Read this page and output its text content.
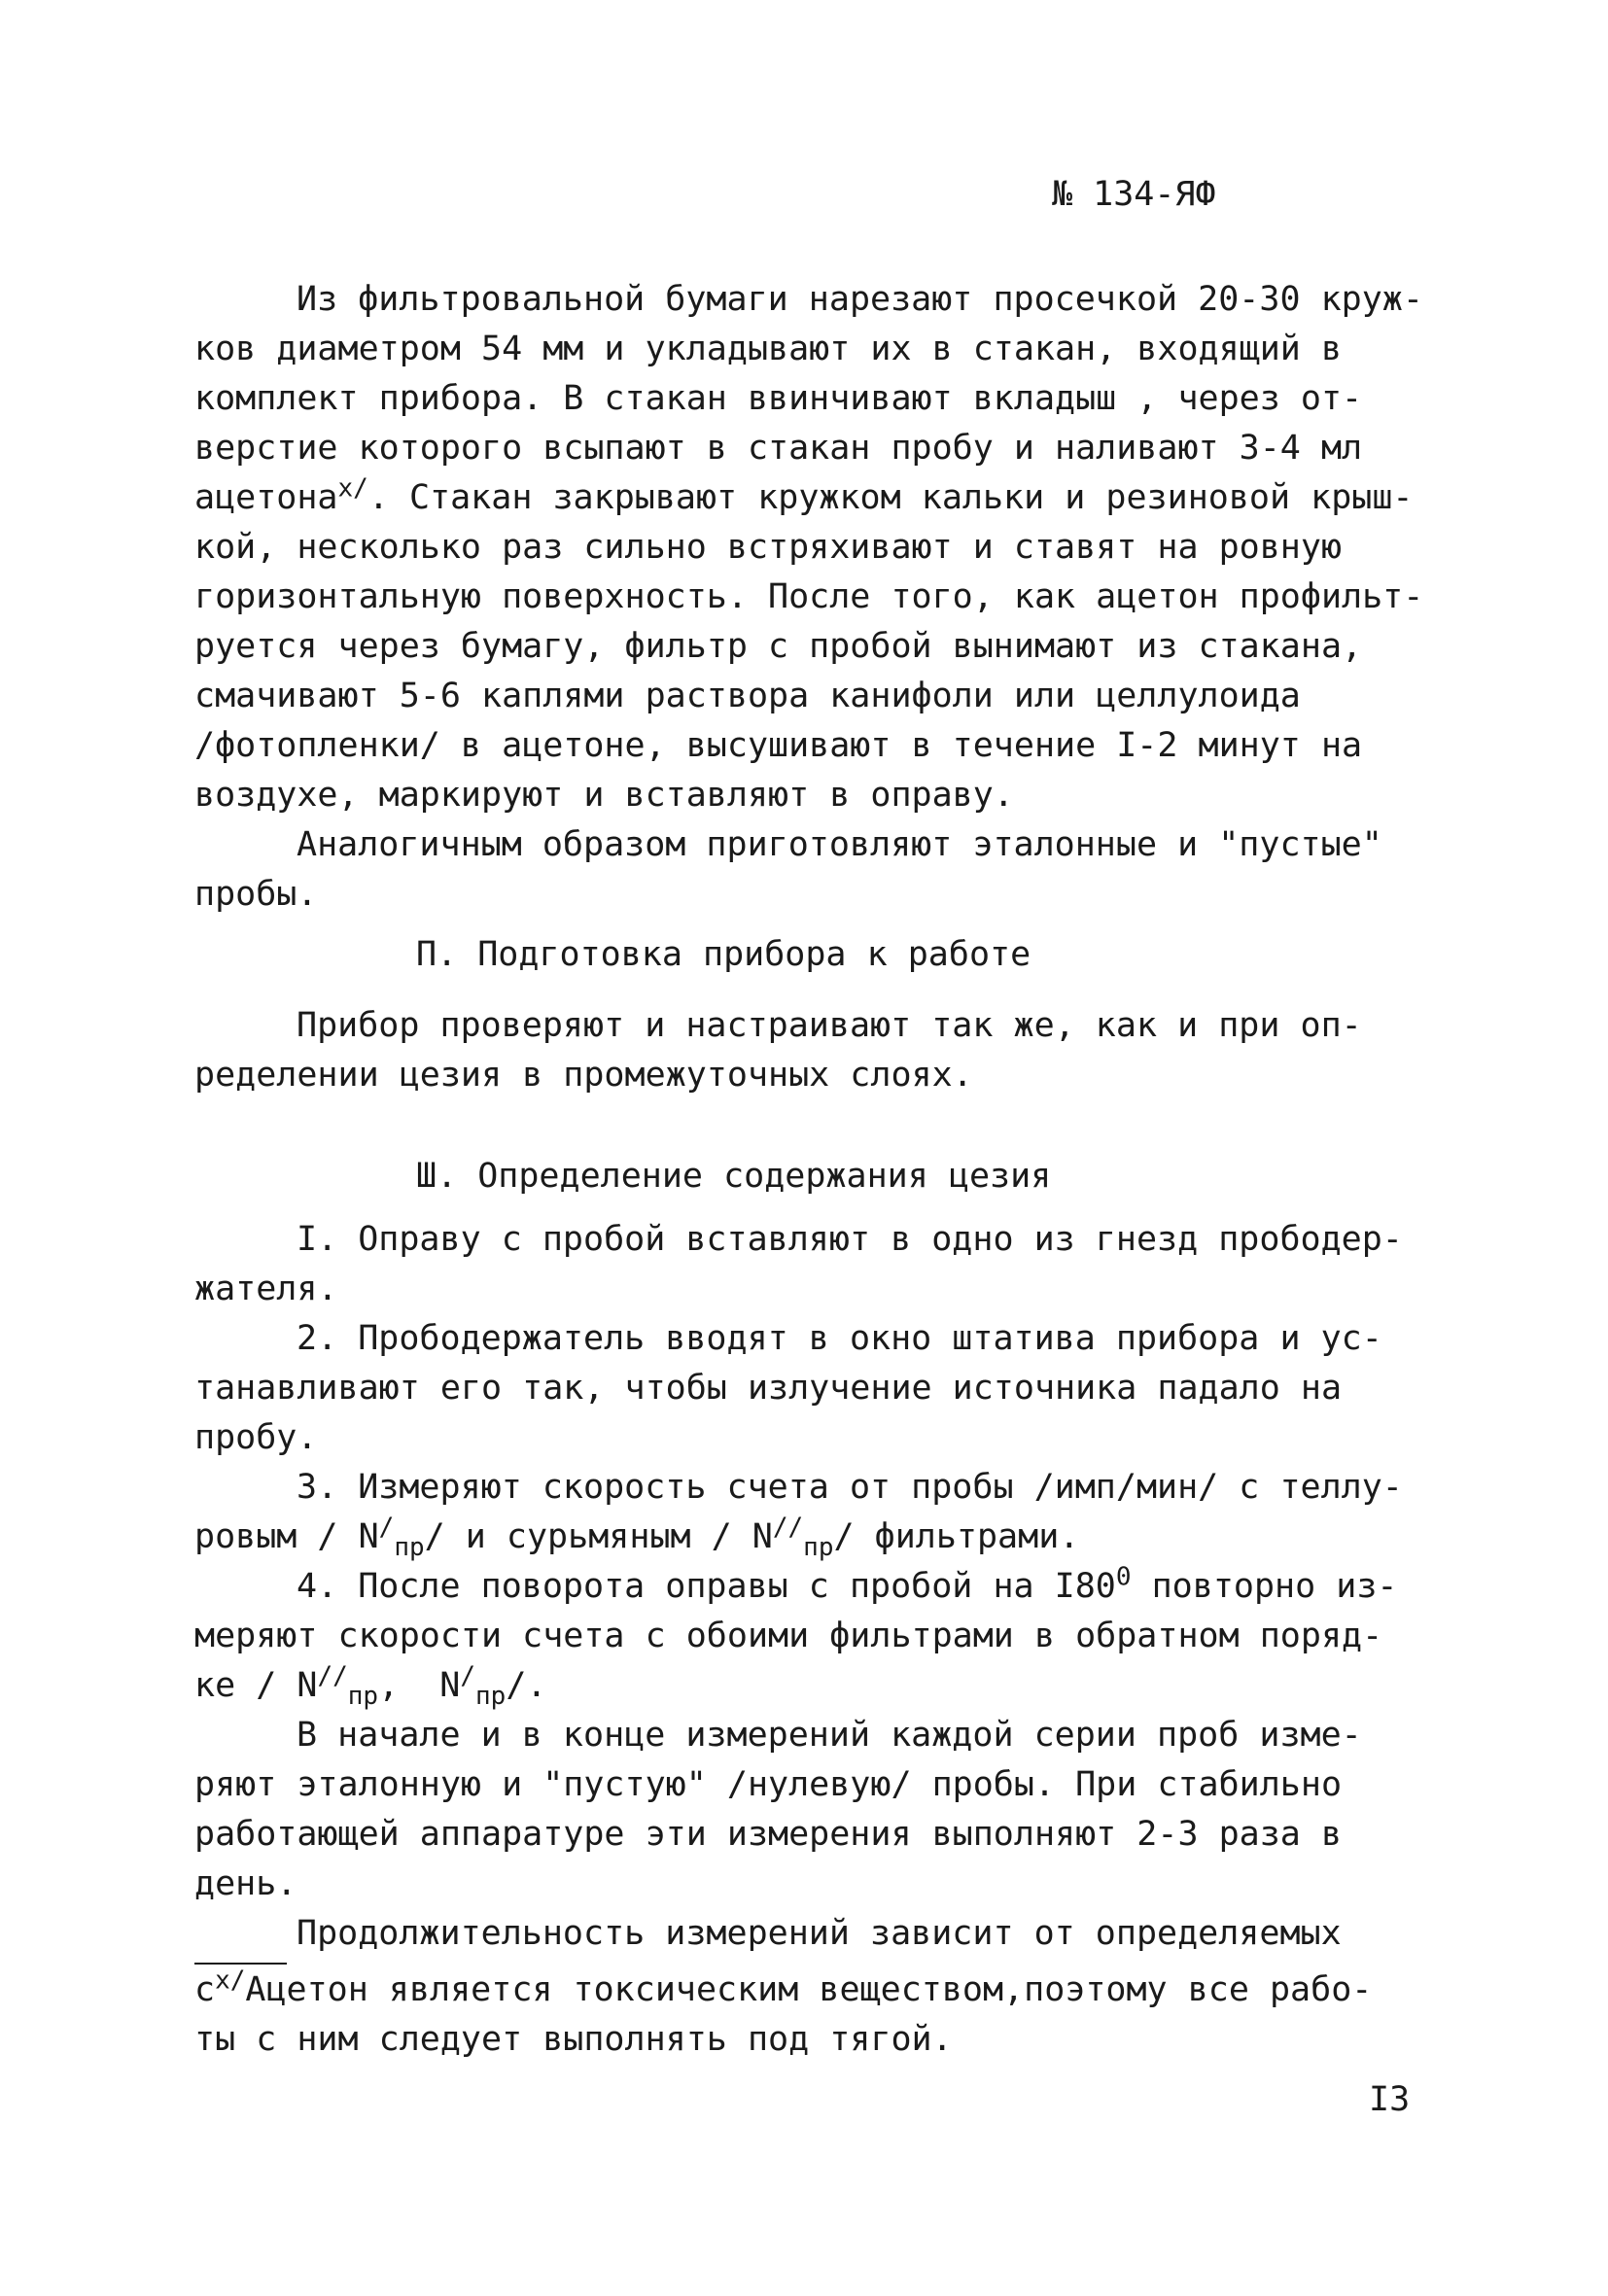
№ 134-ЯФ
Из фильтровальной бумаги нарезают просечкой 20-30 круж-
ков диаметром 54 мм и укладывают их в стакан, входящий в
комплект прибора. В стакан ввинчивают вкладыш , через от-
верстие которого всыпают в стакан пробу и наливают 3-4 мл
ацетона$^{х/}$. Стакан закрывают кружком кальки и резиновой крыш-
кой, несколько раз сильно встряхивают и ставят на ровную
горизонтальную поверхность. После того, как ацетон профильт-
руется через бумагу, фильтр с пробой вынимают из стакана,
смачивают 5-6 каплями раствора канифоли или целлулоида
/фотопленки/ в ацетоне, высушивают в течение I-2 минут на
воздухе, маркируют и вставляют в оправу.
Аналогичным образом приготовляют эталонные и "пустые"
пробы.
П. Подготовка прибора к работе
Прибор проверяют и настраивают так же, как и при оп-
ределении цезия в промежуточных слоях.
Ш. Определение содержания цезия
I. Оправу с пробой вставляют в одно из гнезд прободер-
жателя.
2. Прободержатель вводят в окно штатива прибора и ус-
танавливают его так, чтобы излучение источника падало на
пробу.
3. Измеряют скорость счета от пробы /имп/мин/ с теллу-
ровым / $N^/_{пр}/$ и сурьмяным / $N^{//}_{пр}/$ фильтрами.
4. После поворота оправы с пробой на $I80^0$ повторно из-
меряют скорости счета с обоими фильтрами в обратном поряд-
ке / $N^{//}_{пр}$,  $N^/_{пр}/$.
В начале и в конце измерений каждой серии проб изме-
ряют эталонную и "пустую" /нулевую/ пробы. При стабильно
работающей аппаратуре эти измерения выполняют 2-3 раза в
день.
Продолжительность измерений зависит от определяемых
$с^{х/}Ацетон$ является токсическим веществом,поэтому все рабо-
ты с ним следует выполнять под тягой.
I3
